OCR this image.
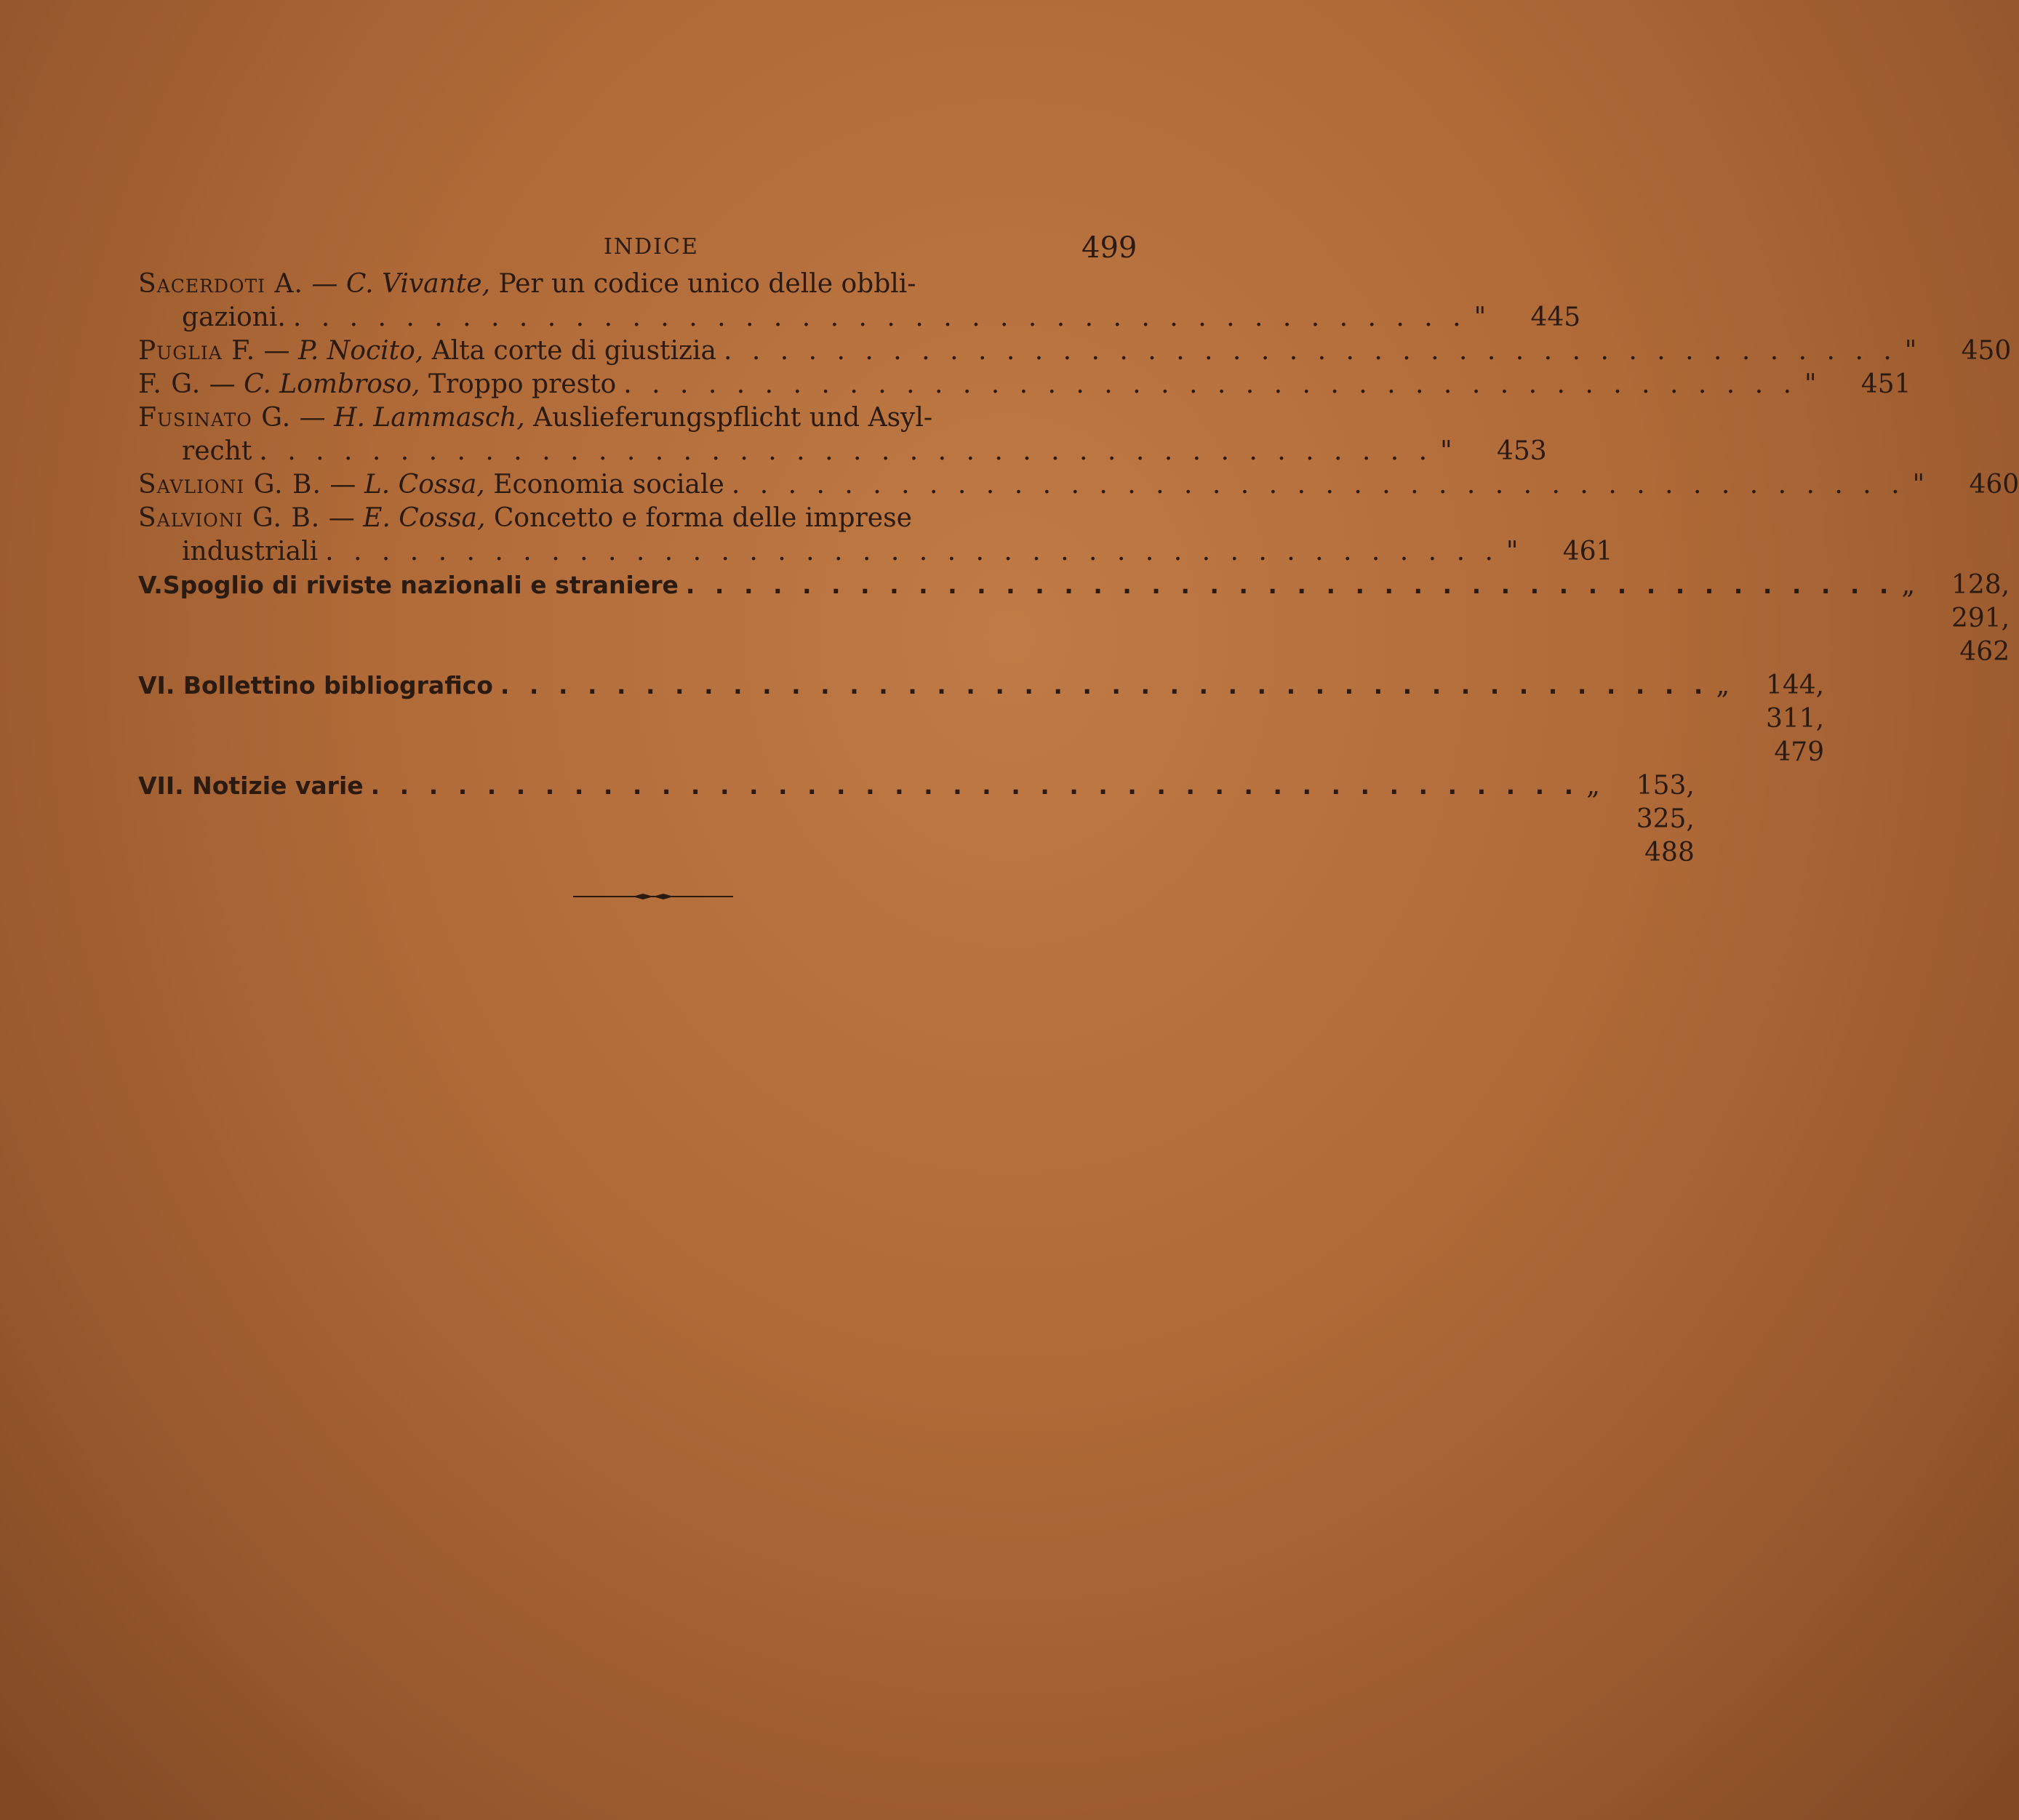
INDICE	499
Sacerdoti A. — C. Vivante, Per un codice unico delle obbli-
gazioni. . . . . . . . . . . . . . . . . . . . . . . . . . . . . . . . . . . . . . . . . . . "	445
Puglia F. — P. Nocito, Alta corte di giustizia . . . . . . . . . . . . . . . . . . . . . . . . . . . . . . . . . . . . . . . . . . "	450
F. G. — C. Lombroso, Troppo presto . . . . . . . . . . . . . . . . . . . . . . . . . . . . . . . . . . . . . . . . . . "	451
Fusinato G. — H. Lammasch, Auslieferungspflicht und Asyl-
recht . . . . . . . . . . . . . . . . . . . . . . . . . . . . . . . . . . . . . . . . . . "	453
Savlioni G. B. — L. Cossa, Economia sociale . . . . . . . . . . . . . . . . . . . . . . . . . . . . . . . . . . . . . . . . . . "	460
Salvioni G. B. — E. Cossa, Concetto e forma delle imprese
industriali . . . . . . . . . . . . . . . . . . . . . . . . . . . . . . . . . . . . . . . . . . "	461
V.Spoglio di riviste nazionali e straniere . . . . . . . . . . . . . . . . . . . . . . . . . . . . . . . . . . . . . . . . . . „	128, 291, 462
VI. Bollettino bibliografico . . . . . . . . . . . . . . . . . . . . . . . . . . . . . . . . . . . . . . . . . . „	144, 311, 479
VII. Notizie varie . . . . . . . . . . . . . . . . . . . . . . . . . . . . . . . . . . . . . . . . . . „	153, 325, 488
